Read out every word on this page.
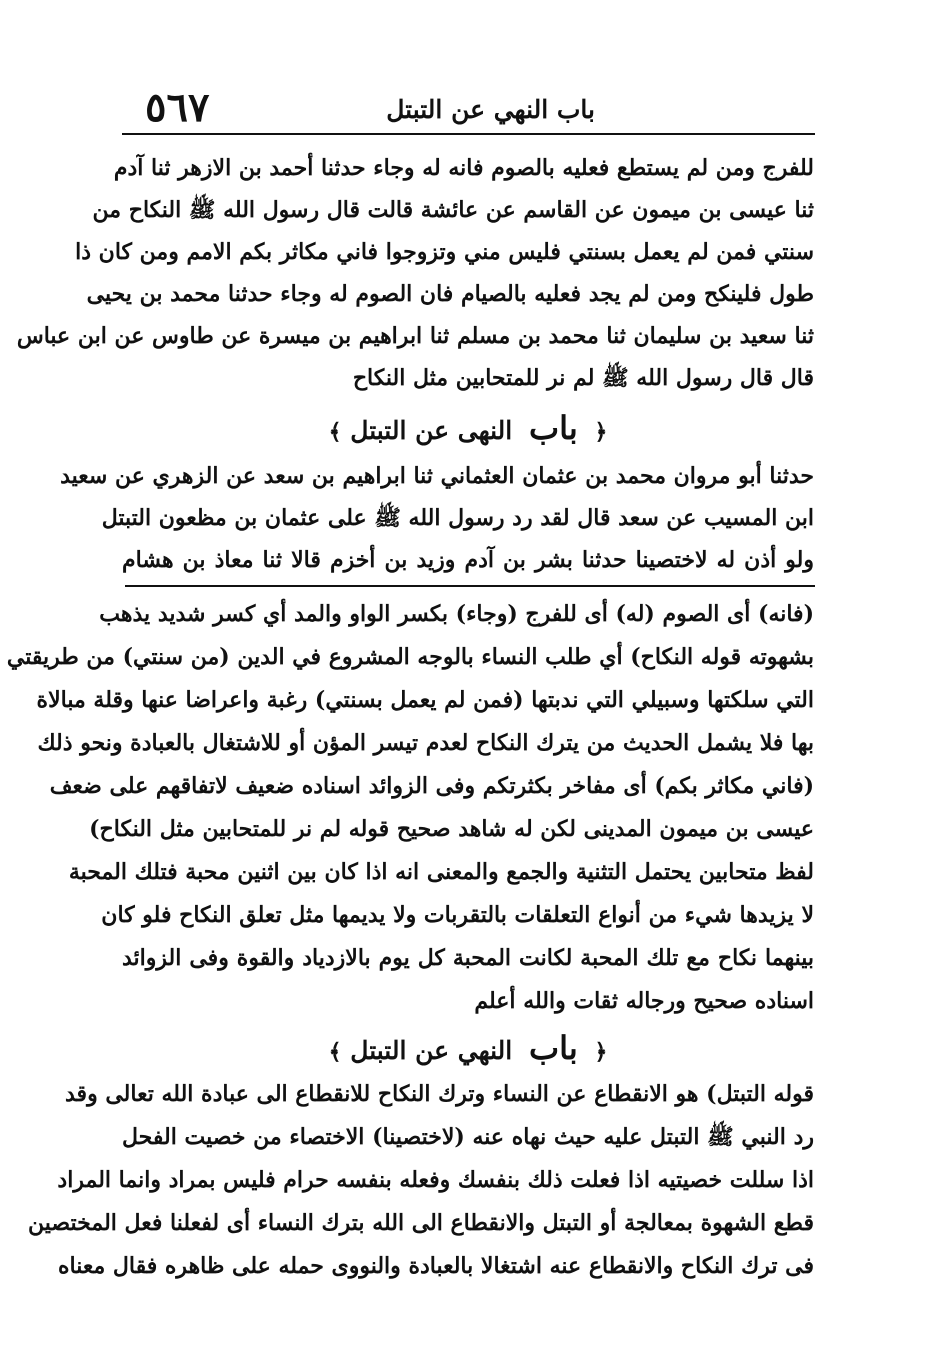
٥٦٧	باب النهي عن التبتل
للفرج ومن لم يستطع فعليه بالصوم فانه له وجاء حدثنا أحمد بن الازهر ثنا آدم
ثنا عيسى بن ميمون عن القاسم عن عائشة قالت قال رسول الله ﷺ النكاح من
سنتي فمن لم يعمل بسنتي فليس مني وتزوجوا فاني مكاثر بكم الامم ومن كان ذا
طول فلينكح ومن لم يجد فعليه بالصيام فان الصوم له وجاء حدثنا محمد بن يحيى
ثنا سعيد بن سليمان ثنا محمد بن مسلم ثنا ابراهيم بن ميسرة عن طاوس عن ابن عباس
قال قال رسول الله ﷺ لم نر للمتحابين مثل النكاح
﴿ باب النهى عن التبتل ﴾
حدثنا أبو مروان محمد بن عثمان العثماني ثنا ابراهيم بن سعد عن الزهري عن سعيد
ابن المسيب عن سعد قال لقد رد رسول الله ﷺ على عثمان بن مظعون التبتل
ولو أذن له لاختصينا حدثنا بشر بن آدم وزيد بن أخزم قالا ثنا معاذ بن هشام
(فانه) أى الصوم (له) أى للفرج (وجاء) بكسر الواو والمد أي كسر شديد يذهب
بشهوته قوله النكاح) أي طلب النساء بالوجه المشروع في الدين (من سنتي) من طريقتي
التي سلكتها وسبيلي التي ندبتها (فمن لم يعمل بسنتي) رغبة واعراضا عنها وقلة مبالاة
بها فلا يشمل الحديث من يترك النكاح لعدم تيسر المؤن أو للاشتغال بالعبادة ونحو ذلك
(فاني مكاثر بكم) أى مفاخر بكثرتكم وفى الزوائد اسناده ضعيف لاتفاقهم على ضعف
عيسى بن ميمون المدينى لكن له شاهد صحيح قوله لم نر للمتحابين مثل النكاح)
لفظ متحابين يحتمل التثنية والجمع والمعنى انه اذا كان بين اثنين محبة فتلك المحبة
لا يزيدها شيء من أنواع التعلقات بالتقربات ولا يديمها مثل تعلق النكاح فلو كان
بينهما نكاح مع تلك المحبة لكانت المحبة كل يوم بالازدياد والقوة وفى الزوائد
اسناده صحيح ورجاله ثقات والله أعلم
﴿ باب النهي عن التبتل ﴾
قوله التبتل) هو الانقطاع عن النساء وترك النكاح للانقطاع الى عبادة الله تعالى وقد
رد النبي ﷺ التبتل عليه حيث نهاه عنه (لاختصينا) الاختصاء من خصيت الفحل
اذا سللت خصيتيه اذا فعلت ذلك بنفسك وفعله بنفسه حرام فليس بمراد وانما المراد
قطع الشهوة بمعالجة أو التبتل والانقطاع الى الله بترك النساء أى لفعلنا فعل المختصين
فى ترك النكاح والانقطاع عنه اشتغالا بالعبادة والنووى حمله على ظاهره فقال معناه
